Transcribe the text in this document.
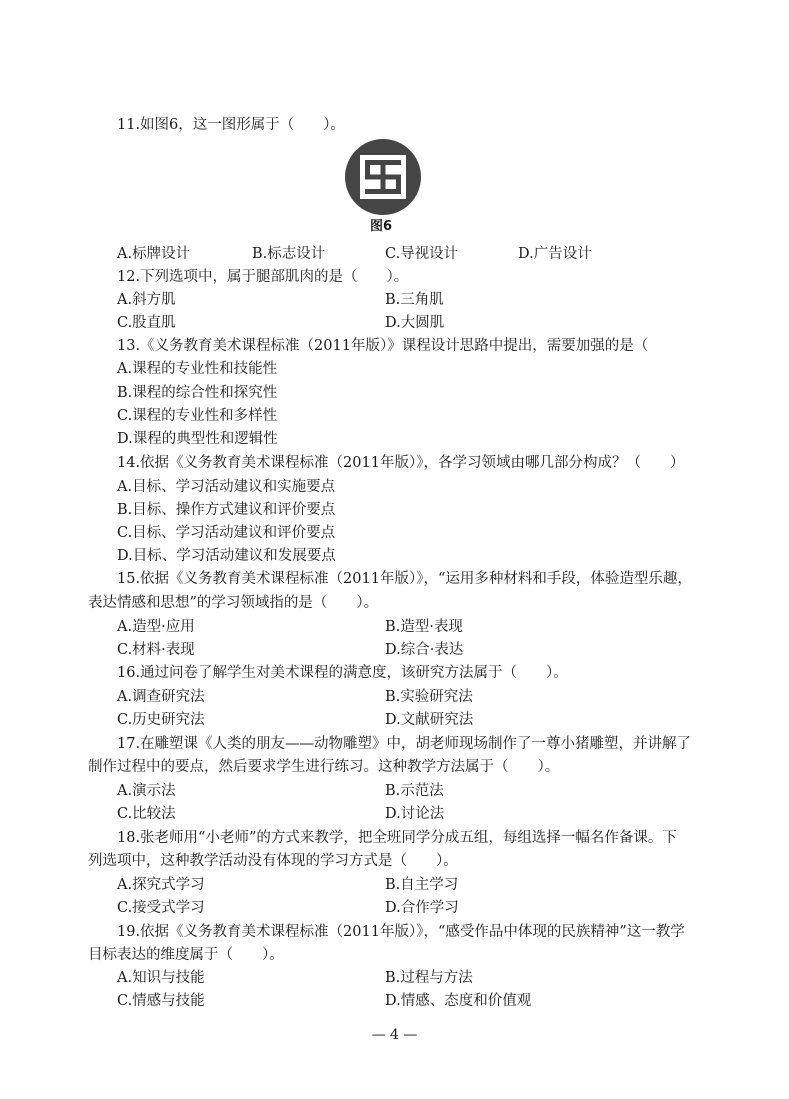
11.如图6，这一图形属于（　　）。
图6
A.标牌设计	B.标志设计	C.导视设计	D.广告设计
12.下列选项中，属于腿部肌肉的是（　　）。
A.斜方肌	B.三角肌
C.股直肌	D.大圆肌
13.《义务教育美术课程标准（2011年版）》课程设计思路中提出，需要加强的是（
A.课程的专业性和技能性
B.课程的综合性和探究性
C.课程的专业性和多样性
D.课程的典型性和逻辑性
14.依据《义务教育美术课程标准（2011年版）》，各学习领域由哪几部分构成？（　　）
A.目标、学习活动建议和实施要点
B.目标、操作方式建议和评价要点
C.目标、学习活动建议和评价要点
D.目标、学习活动建议和发展要点
15.依据《义务教育美术课程标准（2011年版）》，“运用多种材料和手段，体验造型乐趣，
表达情感和思想”的学习领域指的是（　　）。
A.造型·应用	B.造型·表现
C.材料·表现	D.综合·表达
16.通过问卷了解学生对美术课程的满意度，该研究方法属于（　　）。
A.调查研究法	B.实验研究法
C.历史研究法	D.文献研究法
17.在雕塑课《人类的朋友——动物雕塑》中，胡老师现场制作了一尊小猪雕塑，并讲解了
制作过程中的要点，然后要求学生进行练习。这种教学方法属于（　　）。
A.演示法	B.示范法
C.比较法	D.讨论法
18.张老师用“小老师”的方式来教学，把全班同学分成五组，每组选择一幅名作备课。下
列选项中，这种教学活动没有体现的学习方式是（　　）。
A.探究式学习	B.自主学习
C.接受式学习	D.合作学习
19.依据《义务教育美术课程标准（2011年版）》，“感受作品中体现的民族精神”这一教学
目标表达的维度属于（　　）。
A.知识与技能	B.过程与方法
C.情感与技能	D.情感、态度和价值观
— 4 —
